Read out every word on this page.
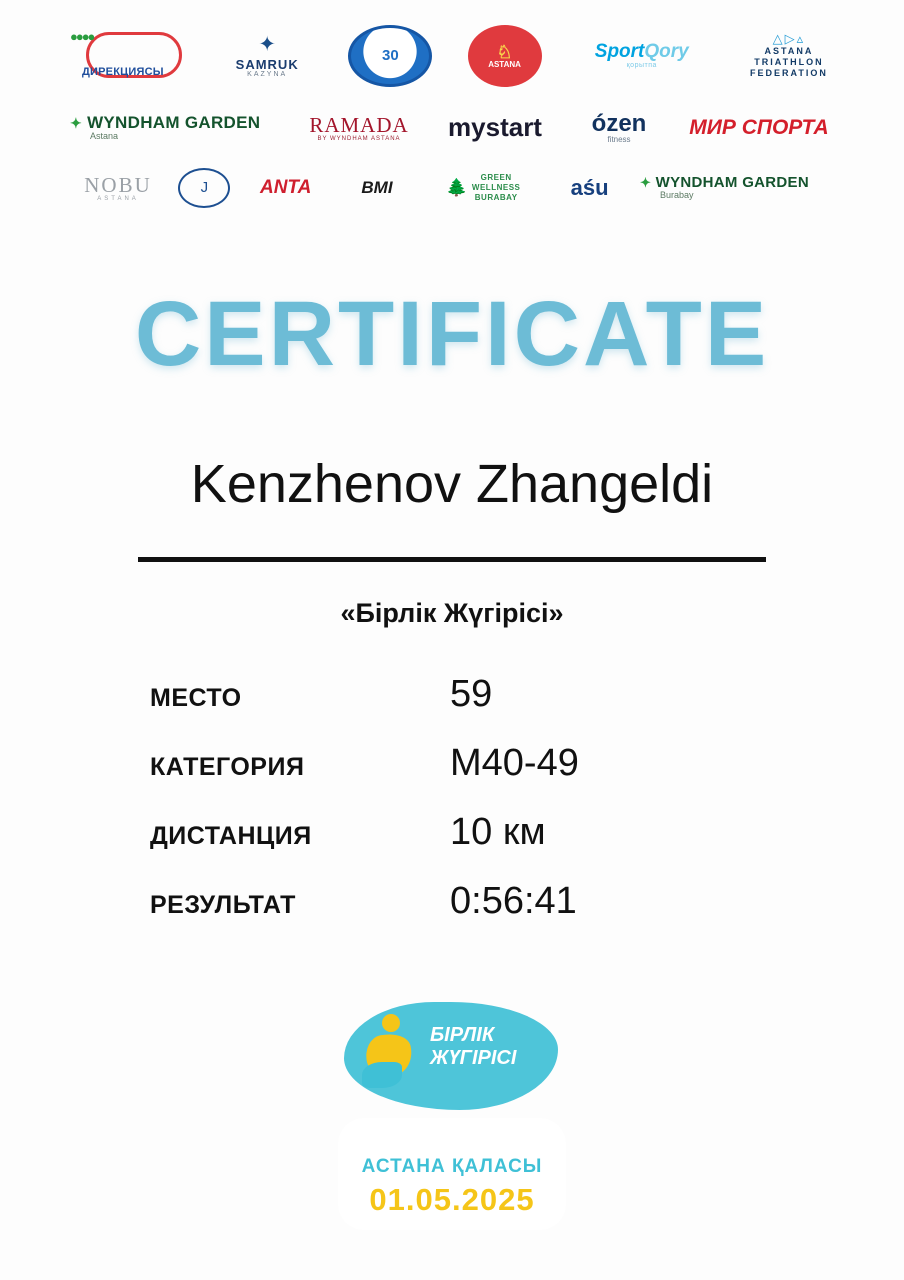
●●●●
ДИРЕКЦИЯСЫ
✦
SAMRUK
KAZYNA
30	♘
ASTANA
SportQory
қорытпа
△▷▵
ASTANA
TRIATHLON
FEDERATION
✦ WYNDHAM GARDEN
Astana	RAMADA
BY WYNDHAM ASTANA mystart ózen
fitness
МИР СПОРТА
NOBU
ASTANA
J	ANTA	BMI	🌲
GREEN
WELLNESS
BURABAY aśu ✦ WYNDHAM GARDEN
Burabay
CERTIFICATE
Kenzhenov Zhangeldi
«Бірлік Жүгірісі»
МЕСТО	59
КАТЕГОРИЯ	M40-49
ДИСТАНЦИЯ	10 км
РЕЗУЛЬТАТ	0:56:41
БІРЛІК
ЖҮГІРІСІ
АСТАНА ҚАЛАСЫ
01.05.2025
